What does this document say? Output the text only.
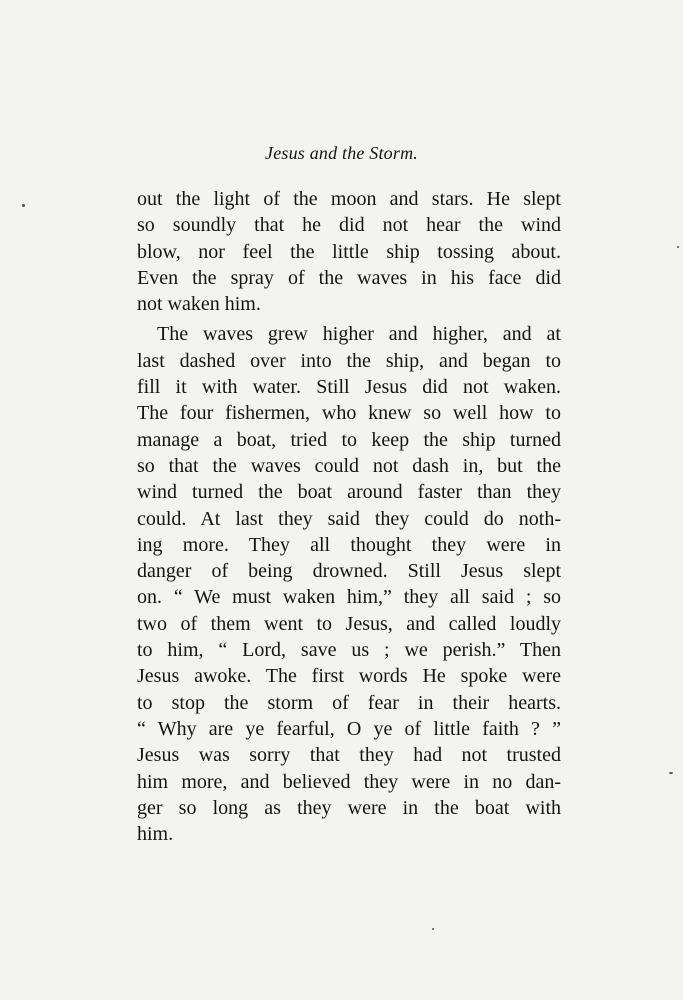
Jesus and the Storm.

out the light of the moon and stars. He slept
so soundly that he did not hear the wind
blow, nor feel the little ship tossing about.
Even the spray of the waves in his face did
not waken him.

The waves grew higher and higher, and at
last dashed over into the ship, and began to
fill it with water. Still Jesus did not waken.
The four fishermen, who knew so well how to
manage a boat, tried to keep the ship turned
so that the waves could not dash in, but the
wind turned the boat around faster than they
could. At last they said they could do noth-
ing more. They all thought they were in
danger of being drowned. Still Jesus slept
on. “ We must waken him,” they all said ; so
two of them went to Jesus, and called loudly
to him, “ Lord, save us ; we perish.” Then
Jesus awoke. The first words He spoke were
to stop the storm of fear in their hearts.
“ Why are ye fearful, O ye of little faith ? ”
Jesus was sorry that they had not trusted
him more, and believed they were in no dan-
ger so long as they were in the boat with
him.
